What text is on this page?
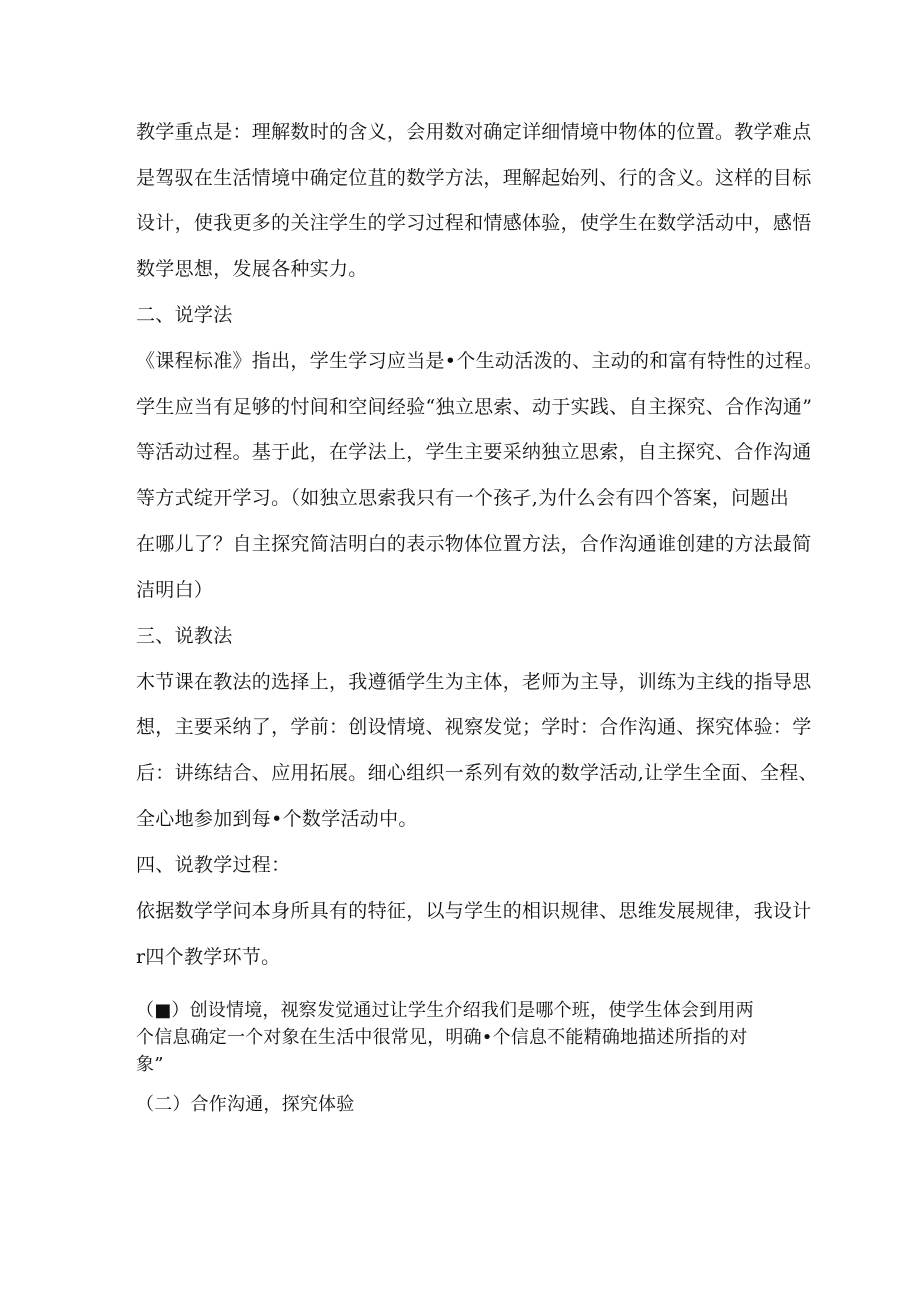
教学重点是：理解数时的含义，会用数对确定详细情境中物体的位置。教学难点
是驾驭在生活情境中确定位苴的数学方法，理解起始列、行的含义。这样的目标
设计，使我更多的关注学生的学习过程和情感体验，使学生在数学活动中，感悟
数学思想，发展各种实力。
二、说学法
《课程标准》指出，学生学习应当是•个生动活泼的、主动的和富有特性的过程。
学生应当有足够的忖间和空间经验“独立思索、动于实践、自主探究、合作沟通”
等活动过程。基于此，在学法上，学生主要采纳独立思索，自主探究、合作沟通
等方式绽开学习。（如独立思索我只有一个孩孑,为什么会有四个答案，问题出
在哪儿了？自主探究简洁明白的表示物体位置方法，合作沟通谁创建的方法最简
洁明白）
三、说教法
木节课在教法的选择上，我遵循学生为主体，老师为主导，训练为主线的指导思
想，主要采纳了，学前：创设情境、视察发觉；学时：合作沟通、探究体验：学
后：讲练结合、应用拓展。细心组织一系列有效的数学活动,让学生全面、全程、
全心地参加到每•个数学活动中。
四、说教学过程：
依据数学学问本身所具有的特征，以与学生的相识规律、思维发展规律，我设计
r四个教学环节。
（■）创设情境，视察发觉通过让学生介绍我们是哪个班，使学生体会到用两
个信息确定一个对象在生活中很常见，明确•个信息不能精确地描述所指的对
象”
（二）合作沟通，探究体验
